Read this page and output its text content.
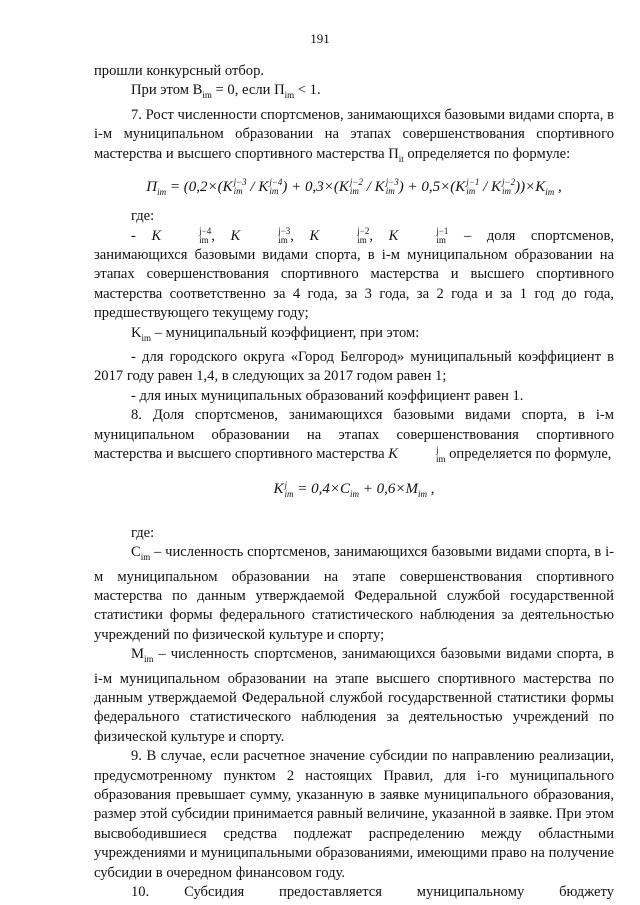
191

прошли конкурсный отбор.

При этом $В_{im} = 0$, если $П_{im} < 1$.

7. Рост численности спортсменов, занимающихся базовыми видами спорта, в i-м муниципальном образовании на этапах совершенствования спортивного мастерства и высшего спортивного мастерства $П_{it}$ определяется по формуле:

$П_{im} = (0,2\times(K$ j−3
im / K j−4
im ) + 0,3×(K j−2
im / K j−3
im ) + 0,5×(K j−1
im / K j−2
im ))$\times K_{im}$ ,

где:

- K	j−4
im , K	j−3
im , K	j−2
im , K	j−1
im – доля спортсменов, занимающихся базовыми видами спорта, в i-м муниципальном образовании на этапах совершенствования спортивного мастерства и высшего спортивного мастерства соответственно за 4 года, за 3 года, за 2 года и за 1 год до года, предшествующего текущему году;

$K_{im}$ – муниципальный коэффициент, при этом:

- для городского округа «Город Белгород» муниципальный коэффициент в 2017 году равен 1,4, в следующих за 2017 годом равен 1;

- для иных муниципальных образований коэффициент равен 1.

8. Доля спортсменов, занимающихся базовыми видами спорта, в i-м муниципальном образовании на этапах совершенствования спортивного мастерства и высшего спортивного мастерства K	j
im определяется по формуле,

K j
im = $0,4\times C_{im} + 0,6\times M_{im}$ ,

где:

$C_{im}$ – численность спортсменов, занимающихся базовыми видами спорта, в i-м муниципальном образовании на этапе совершенствования спортивного мастерства по данным утверждаемой Федеральной службой государственной статистики формы федерального статистического наблюдения за деятельностью учреждений по физической культуре и спорту;

$M_{im}$ – численность спортсменов, занимающихся базовыми видами спорта, в i-м муниципальном образовании на этапе высшего спортивного мастерства по данным утверждаемой Федеральной службой государственной статистики формы федерального статистического наблюдения за деятельностью учреждений по физической культуре и спорту.

9. В случае, если расчетное значение субсидии по направлению реализации, предусмотренному пунктом 2 настоящих Правил, для i-го муниципального образования превышает сумму, указанную в заявке муниципального образования, размер этой субсидии принимается равный величине, указанной в заявке. При этом высвободившиеся средства подлежат распределению между областными учреждениями и муниципальными образованиями, имеющими право на получение субсидии в очередном финансовом году.

10. Субсидия предоставляется муниципальному бюджету
